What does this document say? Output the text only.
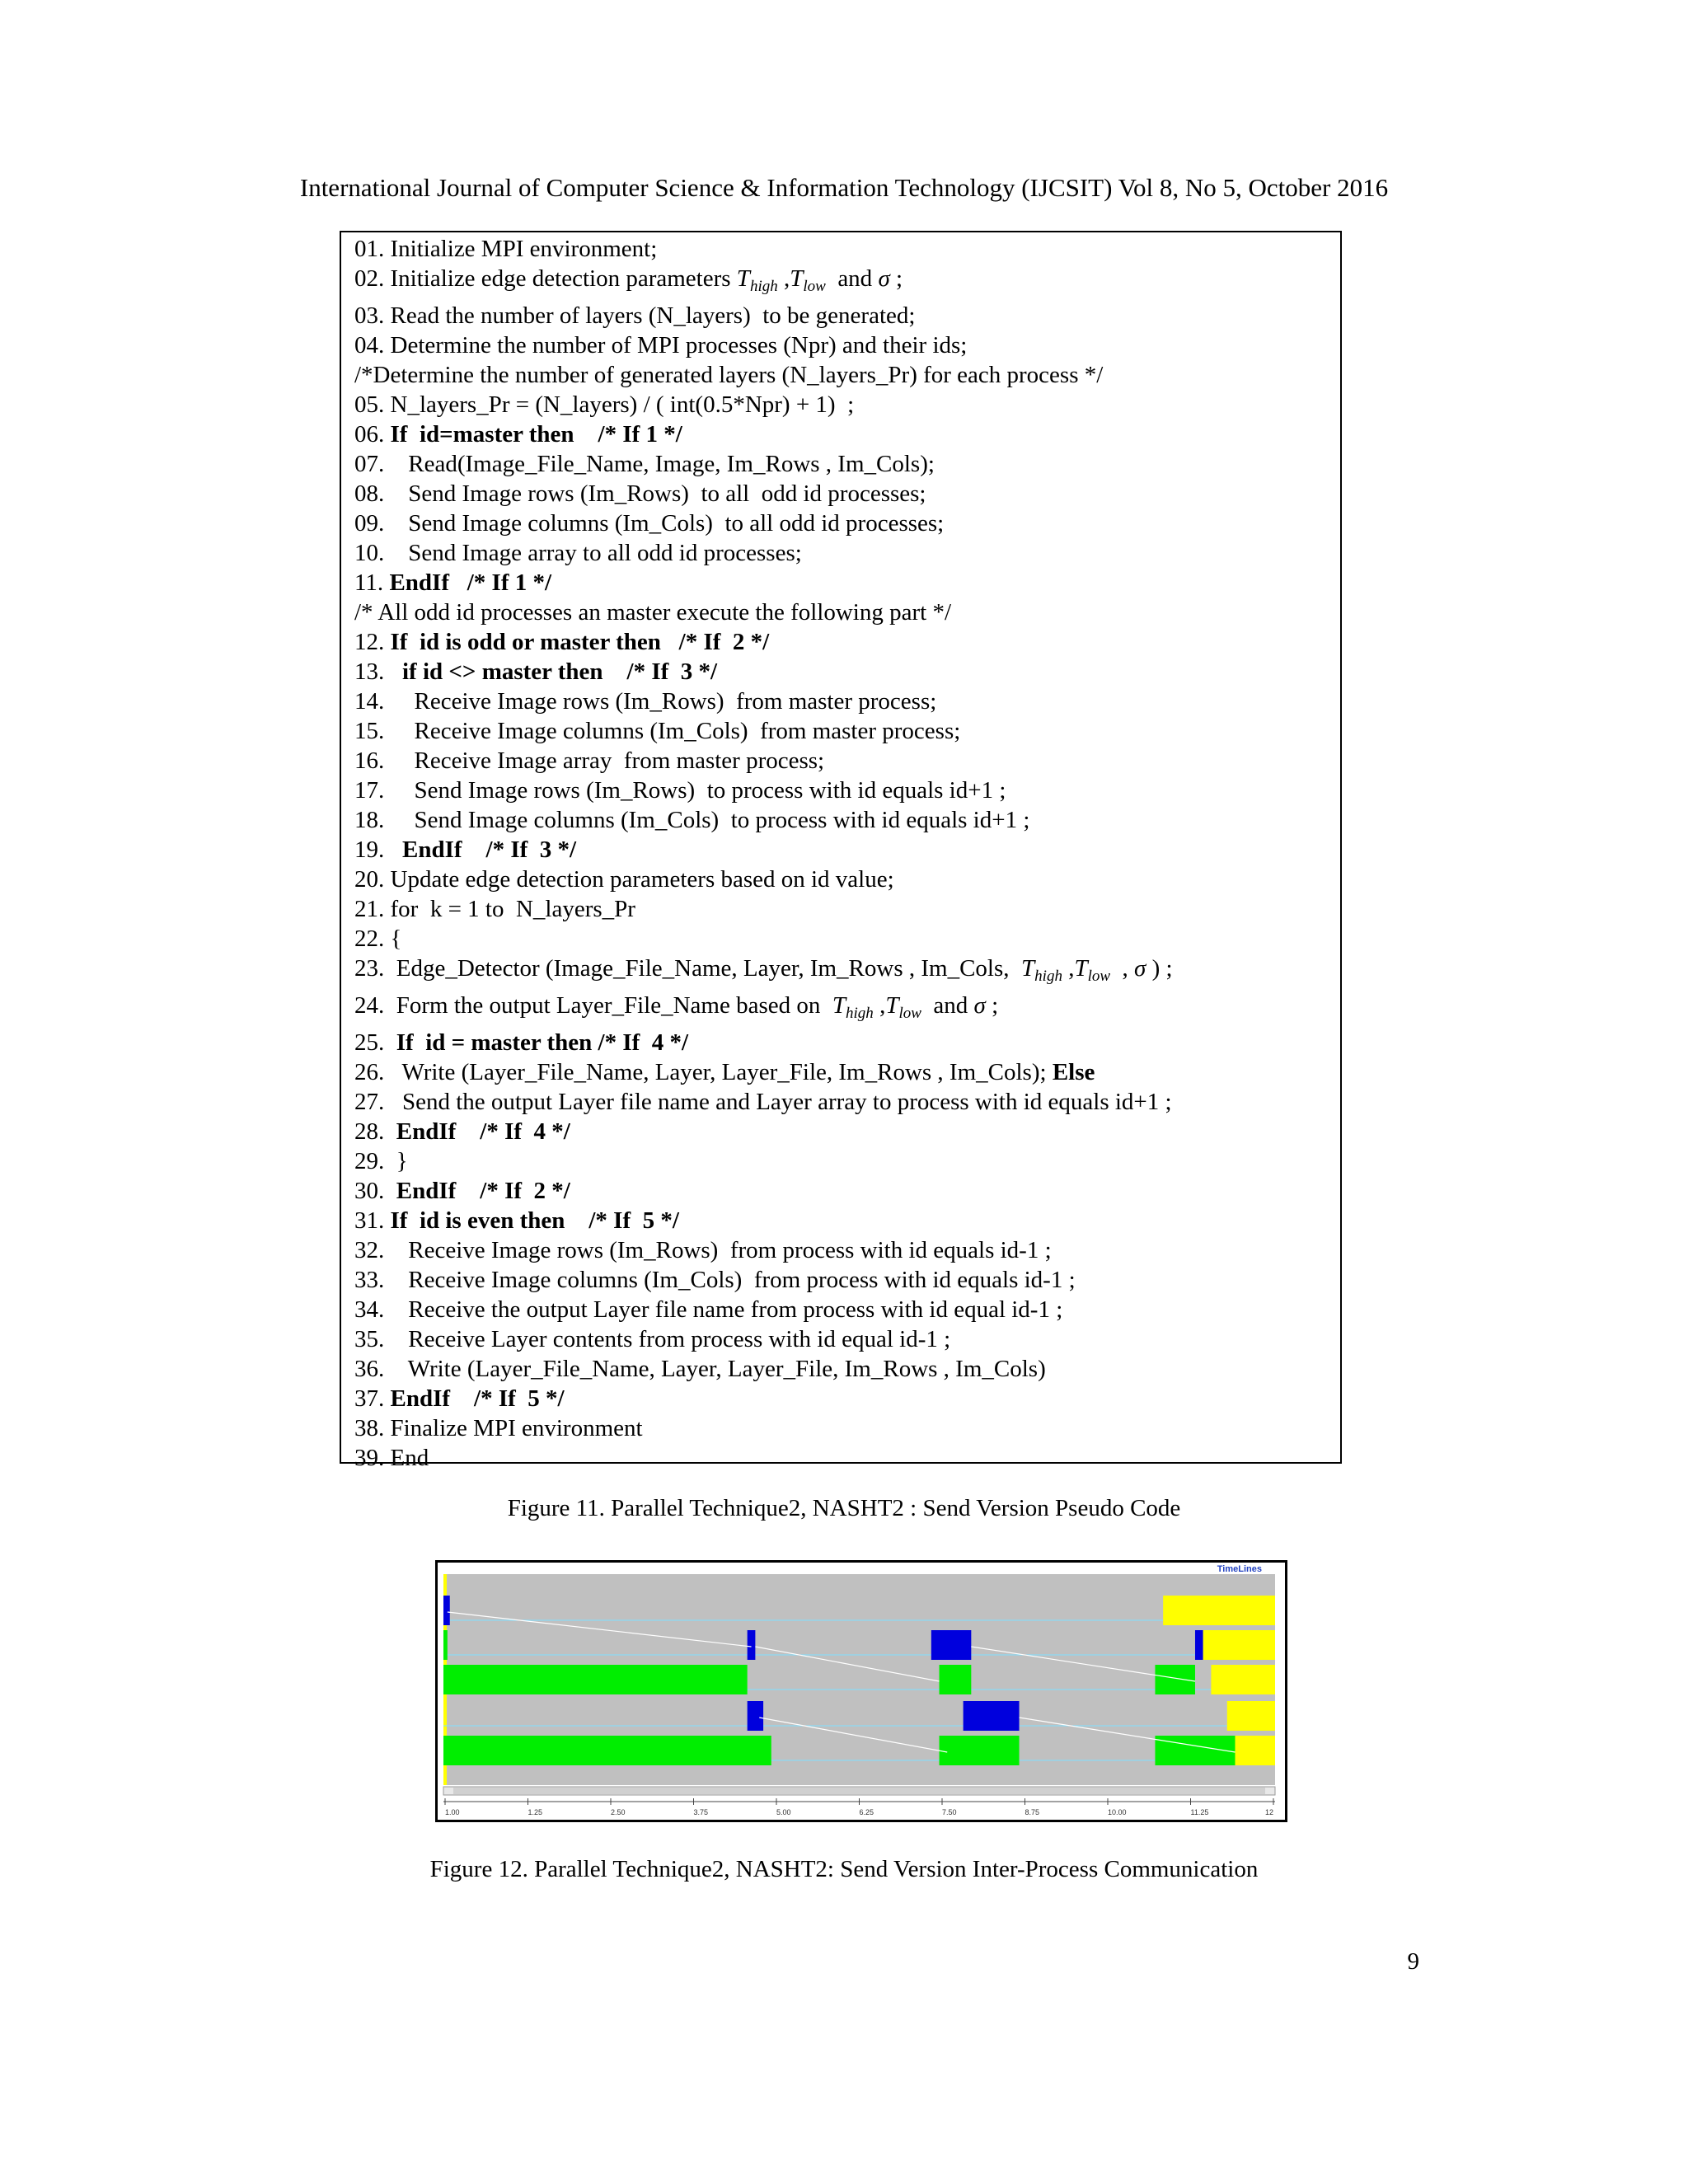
International Journal of Computer Science & Information Technology (IJCSIT) Vol 8, No 5, October 2016
01. Initialize MPI environment;
02. Initialize edge detection parameters $T_{high}$ $,T_{low}$  and σ ;
03. Read the number of layers (N_layers)  to be generated;
04. Determine the number of MPI processes (Npr) and their ids;
/*Determine the number of generated layers (N_layers_Pr) for each process */
05. N_layers_Pr = (N_layers) / ( int(0.5*Npr) + 1)  ;
06. If  id=master then    /* If 1 */
07.    Read(Image_File_Name, Image, Im_Rows , Im_Cols);
08.    Send Image rows (Im_Rows)  to all  odd id processes;
09.    Send Image columns (Im_Cols)  to all odd id processes;
10.    Send Image array to all odd id processes;
11. EndIf   /* If 1 */
/* All odd id processes an master execute the following part */
12. If  id is odd or master then   /* If  2 */
13.   if id <> master then    /* If  3 */
14.     Receive Image rows (Im_Rows)  from master process;
15.     Receive Image columns (Im_Cols)  from master process;
16.     Receive Image array  from master process;
17.     Send Image rows (Im_Rows)  to process with id equals id+1 ;
18.     Send Image columns (Im_Cols)  to process with id equals id+1 ;
19.   EndIf    /* If  3 */
20. Update edge detection parameters based on id value;
21. for  k = 1 to  N_layers_Pr
22. {
23.  Edge_Detector (Image_File_Name, Layer, Im_Rows , Im_Cols,  $T_{high}$ $,T_{low}$  , σ ) ;
24.  Form the output Layer_File_Name based on  $T_{high}$ $,T_{low}$  and σ ;
25.  If  id = master then /* If  4 */
26.   Write (Layer_File_Name, Layer, Layer_File, Im_Rows , Im_Cols); Else
27.   Send the output Layer file name and Layer array to process with id equals id+1 ;
28.  EndIf    /* If  4 */
29.  }
30.  EndIf    /* If  2 */
31. If  id is even then    /* If  5 */
32.    Receive Image rows (Im_Rows)  from process with id equals id-1 ;
33.    Receive Image columns (Im_Cols)  from process with id equals id-1 ;
34.    Receive the output Layer file name from process with id equal id-1 ;
35.    Receive Layer contents from process with id equal id-1 ;
36.    Write (Layer_File_Name, Layer, Layer_File, Im_Rows , Im_Cols)
37. EndIf    /* If  5 */
38. Finalize MPI environment
39. End
Figure 11. Parallel Technique2, NASHT2 : Send Version Pseudo Code
TimeLines
1.00	1.25	2.50	3.75	5.00	6.25	7.50	8.75	10.00	11.25	12
Figure 12. Parallel Technique2, NASHT2: Send Version Inter-Process Communication
9
